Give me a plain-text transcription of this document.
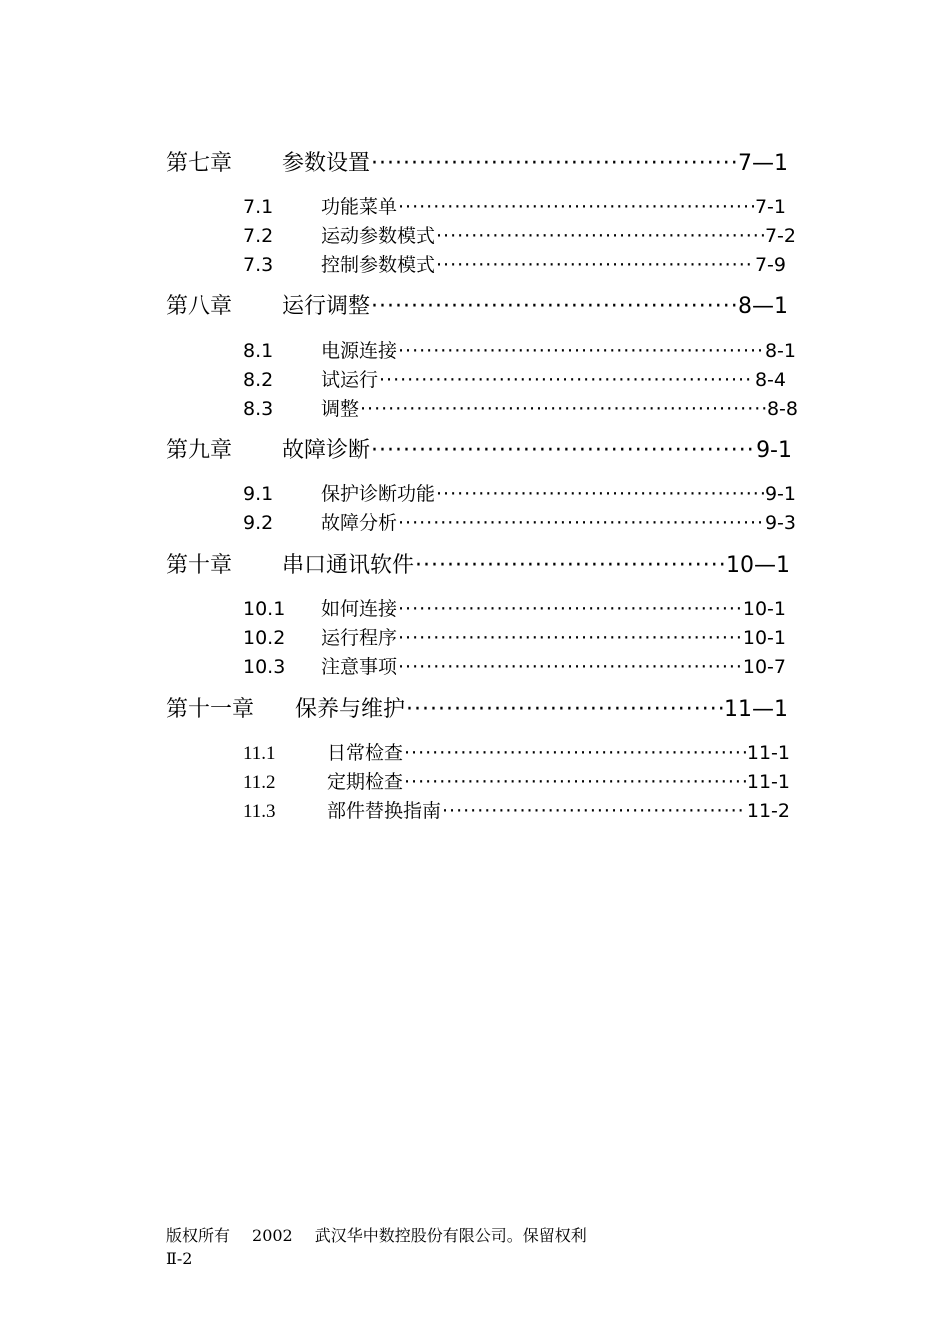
第七章	参数设置 ·····	7—1
7.1	功能菜单 ·····	7-1
7.2	运动参数模式 ·····	7-2
7.3	控制参数模式 ·····	7-9
第八章	运行调整 ·····	8—1
8.1	电源连接 ·····	8-1
8.2	试运行 ·····	8-4
8.3	调整 ·····	8-8
第九章	故障诊断 ·····	9-1
9.1	保护诊断功能 ·····	9-1
9.2	故障分析 ·····	9-3
第十章	串口通讯软件 ·····	10—1
10.1	如何连接 ·····	10-1
10.2	运行程序 ·····	10-1
10.3	注意事项 ·····	10-7
第十一章	保养与维护 ·····	11—1
11.1	日常检查 ·····	11-1
11.2	定期检查 ·····	11-1
11.3	部件替换指南 ·····	11-2
版权所有 2002 武汉华中数控股份有限公司。保留权利
Ⅱ-2
